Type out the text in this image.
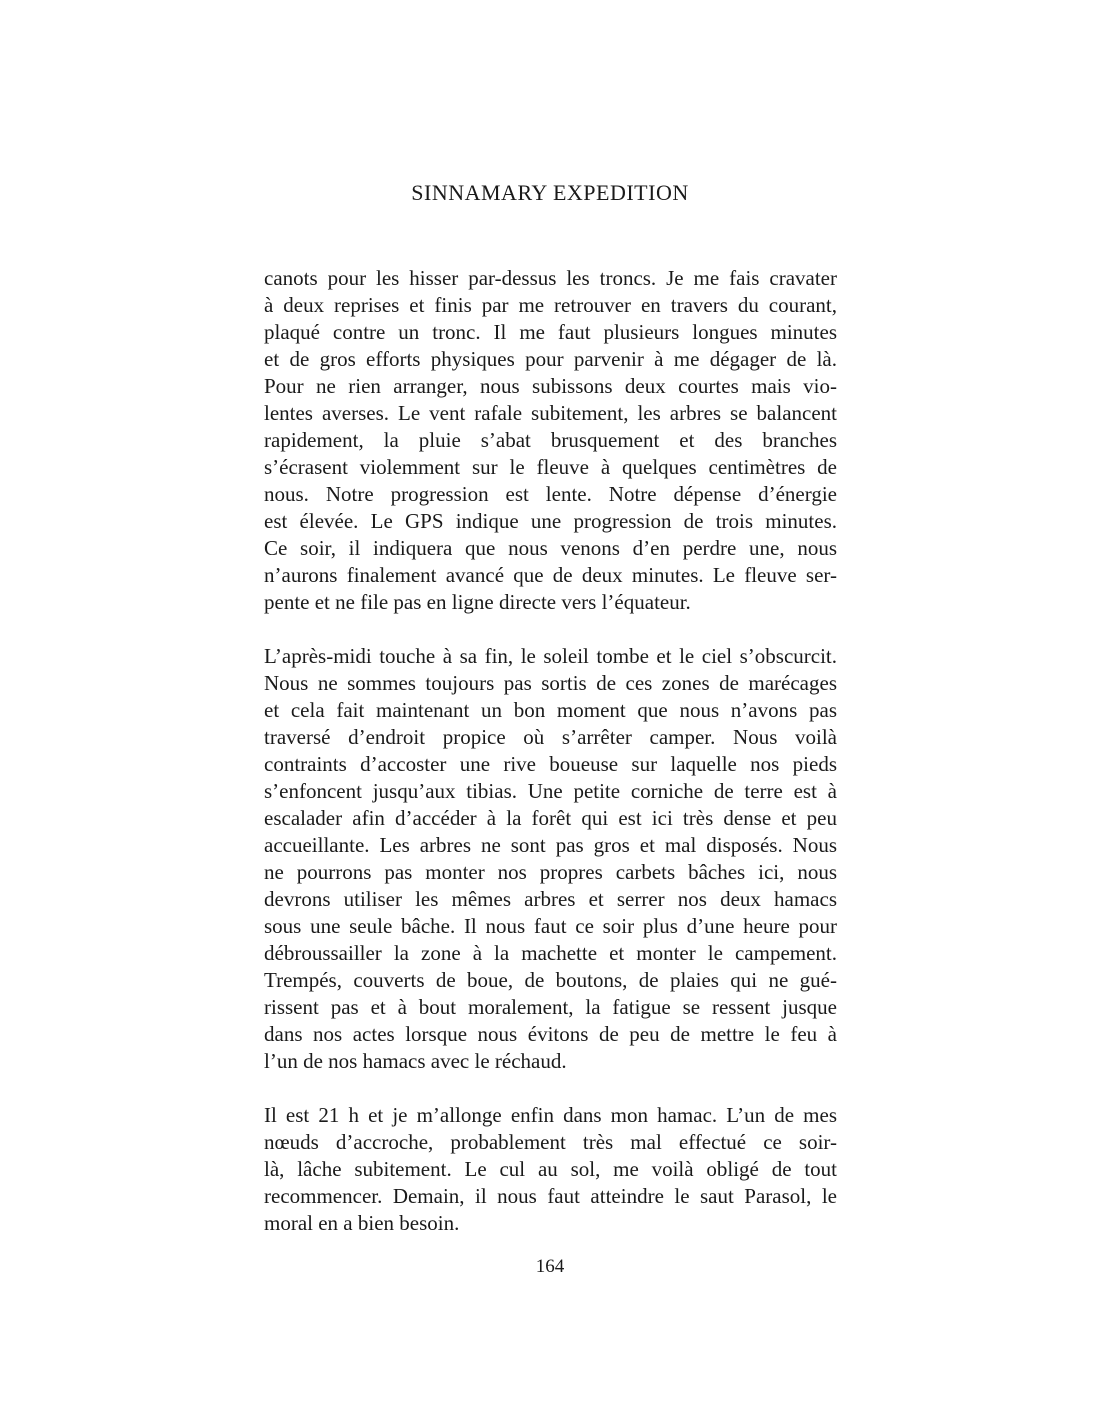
SINNAMARY EXPEDITION

canots pour les hisser par-dessus les troncs. Je me fais cravater
à deux reprises et finis par me retrouver en travers du courant,
plaqué contre un tronc. Il me faut plusieurs longues minutes
et de gros efforts physiques pour parvenir à me dégager de là.
Pour ne rien arranger, nous subissons deux courtes mais vio-
lentes averses. Le vent rafale subitement, les arbres se balancent
rapidement, la pluie s’abat brusquement et des branches
s’écrasent violemment sur le fleuve à quelques centimètres de
nous. Notre progression est lente. Notre dépense d’énergie
est élevée. Le GPS indique une progression de trois minutes.
Ce soir, il indiquera que nous venons d’en perdre une, nous
n’aurons finalement avancé que de deux minutes. Le fleuve ser-
pente et ne file pas en ligne directe vers l’équateur.

L’après-midi touche à sa fin, le soleil tombe et le ciel s’obscurcit.
Nous ne sommes toujours pas sortis de ces zones de marécages
et cela fait maintenant un bon moment que nous n’avons pas
traversé d’endroit propice où s’arrêter camper. Nous voilà
contraints d’accoster une rive boueuse sur laquelle nos pieds
s’enfoncent jusqu’aux tibias. Une petite corniche de terre est à
escalader afin d’accéder à la forêt qui est ici très dense et peu
accueillante. Les arbres ne sont pas gros et mal disposés. Nous
ne pourrons pas monter nos propres carbets bâches ici, nous
devrons utiliser les mêmes arbres et serrer nos deux hamacs
sous une seule bâche. Il nous faut ce soir plus d’une heure pour
débroussailler la zone à la machette et monter le campement.
Trempés, couverts de boue, de boutons, de plaies qui ne gué-
rissent pas et à bout moralement, la fatigue se ressent jusque
dans nos actes lorsque nous évitons de peu de mettre le feu à
l’un de nos hamacs avec le réchaud.

Il est 21 h et je m’allonge enfin dans mon hamac. L’un de mes
nœuds d’accroche, probablement très mal effectué ce soir-
là, lâche subitement. Le cul au sol, me voilà obligé de tout
recommencer. Demain, il nous faut atteindre le saut Parasol, le
moral en a bien besoin.

164
